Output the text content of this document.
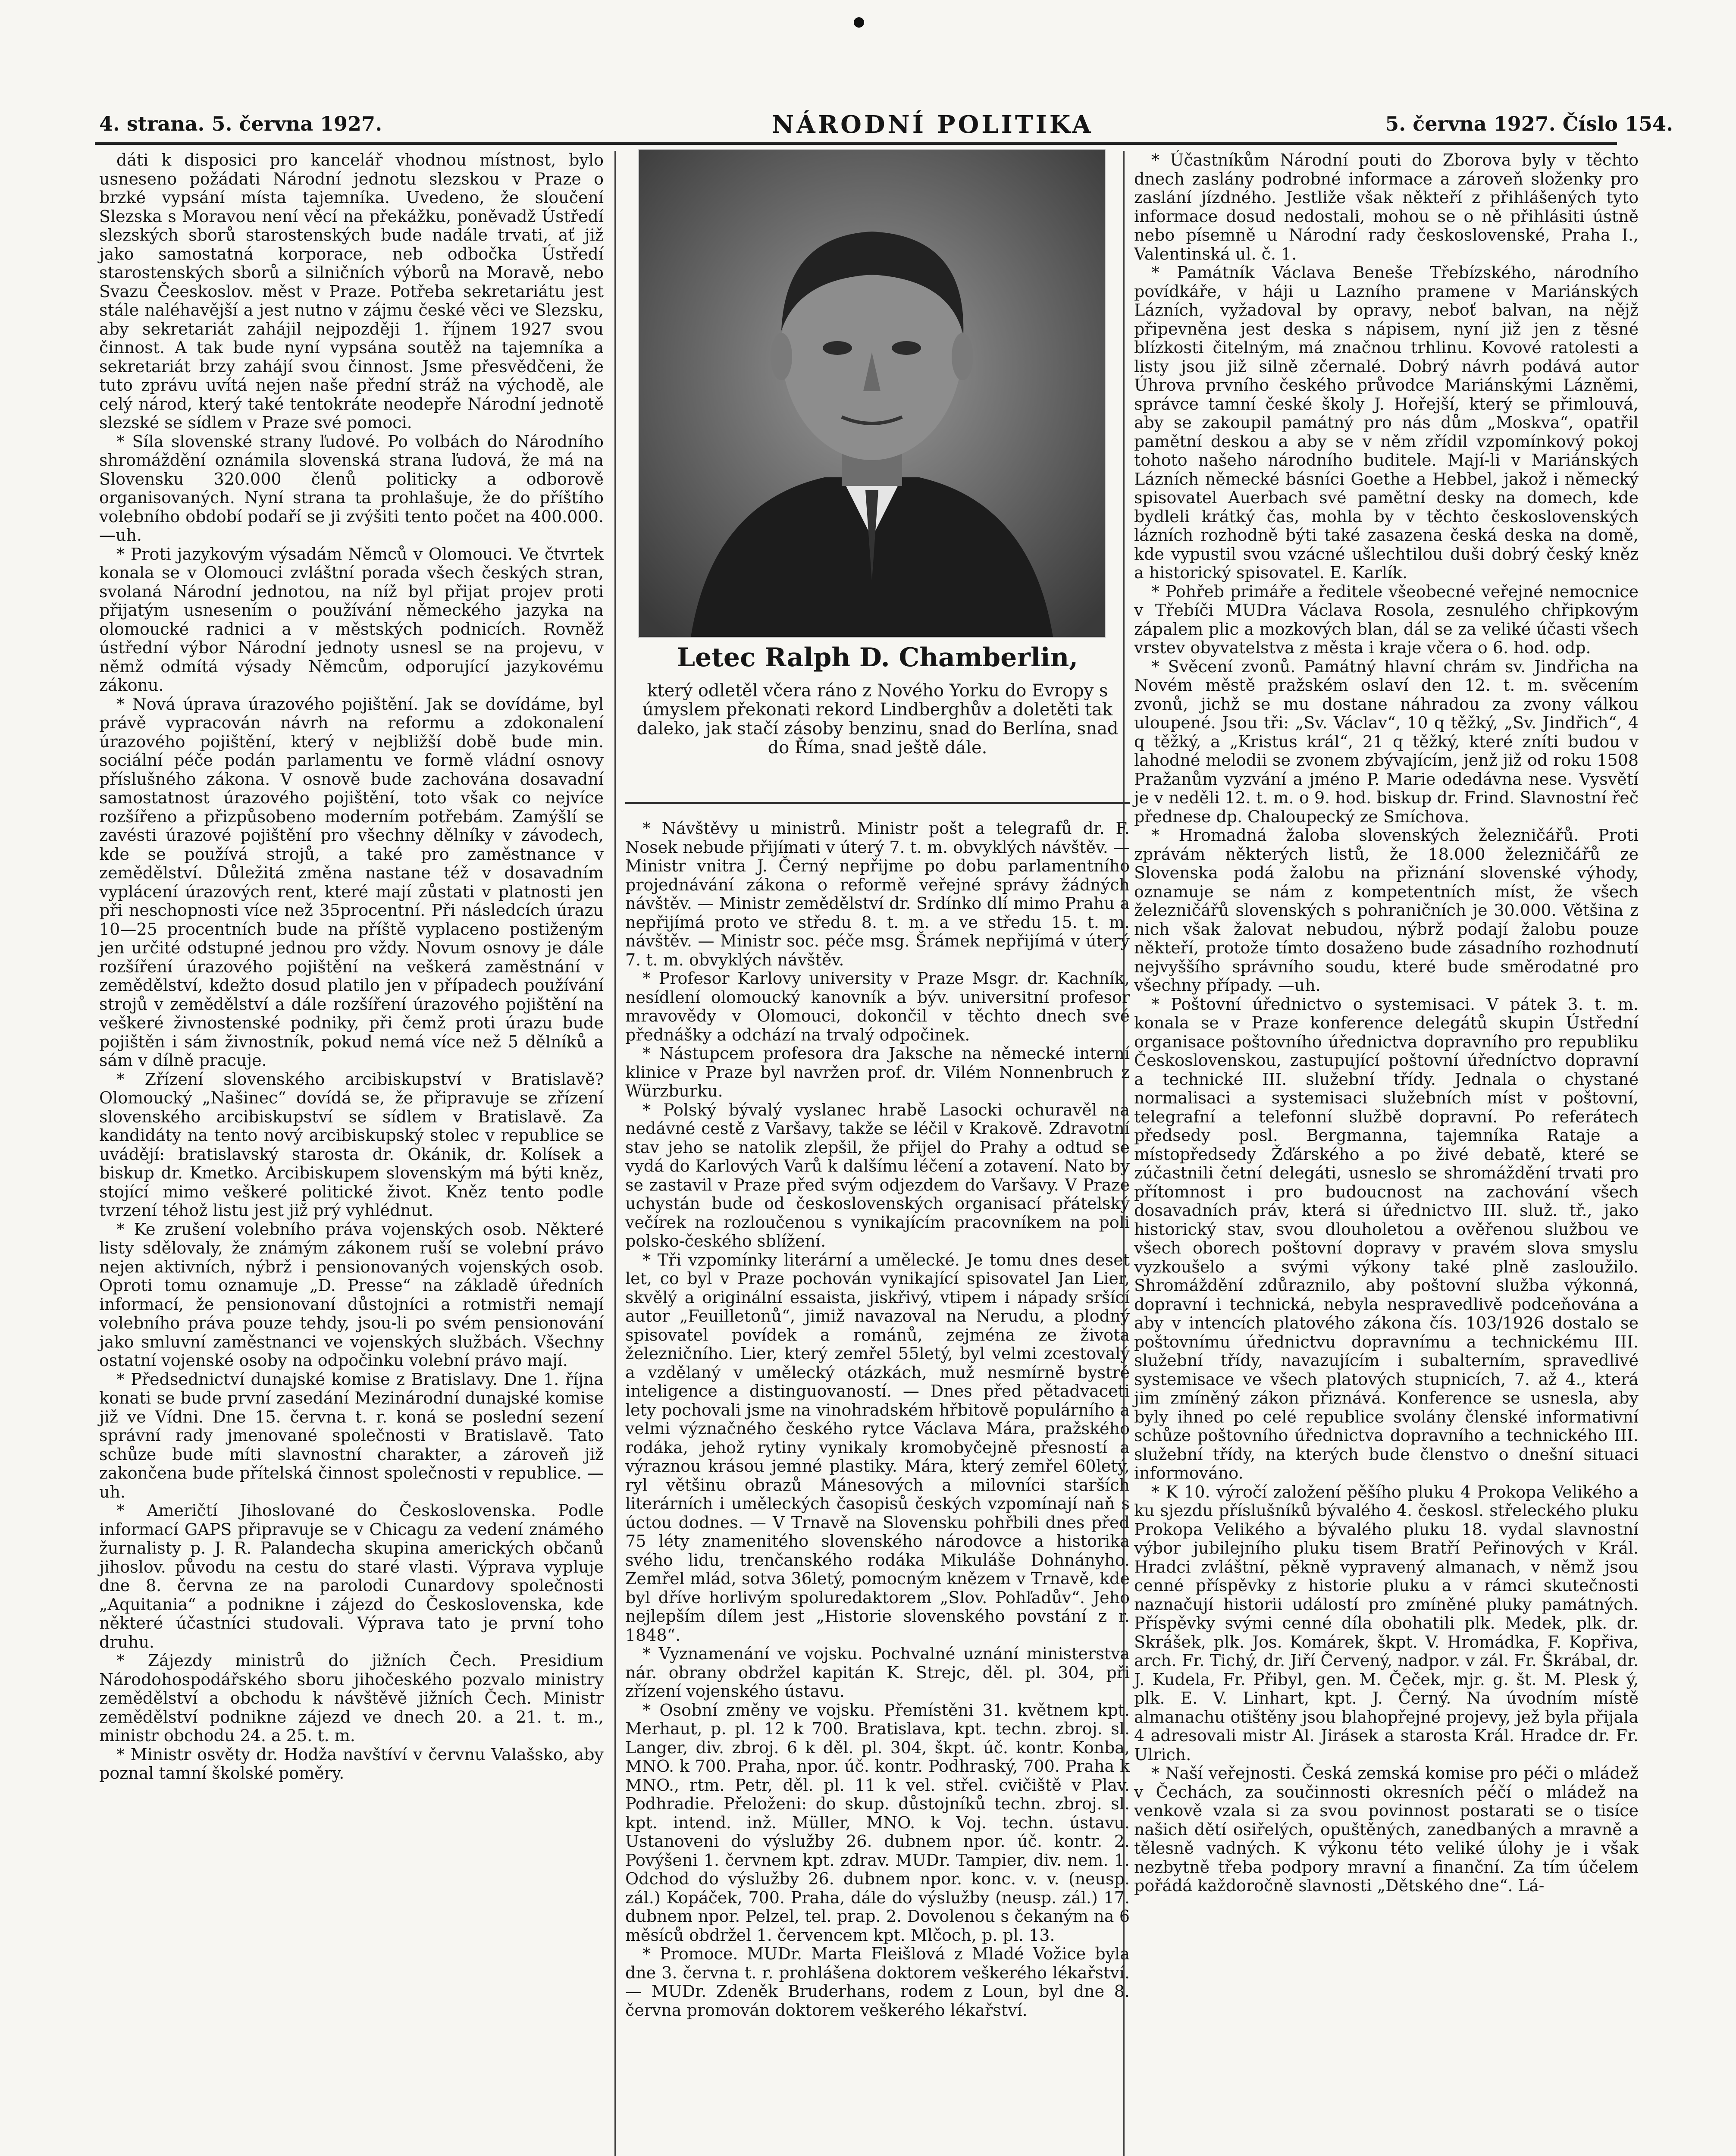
4. strana. 5. června 1927.	NÁRODNÍ POLITIKA	5. června 1927. Číslo 154.

dáti k disposici pro kancelář vhodnou místnost, bylo usneseno požádati Národní jednotu slezskou v Praze o brzké vypsání místa tajemníka. Uvedeno, že sloučení Slezska s Moravou není věcí na překážku, poněvadž Ústředí slezských sborů starostenských bude nadále trvati, ať již jako samostatná korporace, neb odbočka Ústředí starostenských sborů a silničních výborů na Moravě, nebo Svazu Čeeskoslov. měst v Praze. Potřeba sekretariátu jest stále naléhavější a jest nutno v zájmu české věci ve Slezsku, aby sekretariát zahájil nejpozději 1. říjnem 1927 svou činnost. A tak bude nyní vypsána soutěž na tajemníka a sekretariát brzy zahájí svou činnost. Jsme přesvědčeni, že tuto zprávu uvítá nejen naše přední stráž na východě, ale celý národ, který také tentokráte neodepře Národní jednotě slezské se sídlem v Praze své pomoci.

* Síla slovenské strany ľudové. Po volbách do Národního shromáždění oznámila slovenská strana ľudová, že má na Slovensku 320.000 členů politicky a odborově organisovaných. Nyní strana ta prohlašuje, že do příštího volebního období podaří se ji zvýšiti tento počet na 400.000. —uh.

* Proti jazykovým výsadám Němců v Olomouci. Ve čtvrtek konala se v Olomouci zvláštní porada všech českých stran, svolaná Národní jednotou, na níž byl přijat projev proti přijatým usnesením o používání německého jazyka na olomoucké radnici a v městských podnicích. Rovněž ústřední výbor Národní jednoty usnesl se na projevu, v němž odmítá výsady Němcům, odporující jazykovému zákonu.

* Nová úprava úrazového pojištění. Jak se dovídáme, byl právě vypracován návrh na reformu a zdokonalení úrazového pojištění, který v nejbližší době bude min. sociální péče podán parlamentu ve formě vládní osnovy příslušného zákona. V osnově bude zachována dosavadní samostatnost úrazového pojištění, toto však co nejvíce rozšířeno a přizpůsobeno moderním potřebám. Zamýšlí se zavésti úrazové pojištění pro všechny dělníky v závodech, kde se používá strojů, a také pro zaměstnance v zemědělství. Důležitá změna nastane též v dosavadním vyplácení úrazových rent, které mají zůstati v platnosti jen při neschopnosti více než 35procentní. Při následcích úrazu 10—25 procentních bude na příště vyplaceno postiženým jen určité odstupné jednou pro vždy. Novum osnovy je dále rozšíření úrazového pojištění na veškerá zaměstnání v zemědělství, kdežto dosud platilo jen v případech používání strojů v zemědělství a dále rozšíření úrazového pojištění na veškeré živnostenské podniky, při čemž proti úrazu bude pojištěn i sám živnostník, pokud nemá více než 5 dělníků a sám v dílně pracuje.

* Zřízení slovenského arcibiskupství v Bratislavě? Olomoucký „Našinec“ dovídá se, že připravuje se zřízení slovenského arcibiskupství se sídlem v Bratislavě. Za kandidáty na tento nový arcibiskupský stolec v republice se uvádějí: bratislavský starosta dr. Okánik, dr. Kolísek a biskup dr. Kmetko. Arcibiskupem slovenským má býti kněz, stojící mimo veškeré politické život. Kněz tento podle tvrzení téhož listu jest již prý vyhlédnut.

* Ke zrušení volebního práva vojenských osob. Některé listy sdělovaly, že známým zákonem ruší se volební právo nejen aktivních, nýbrž i pensionovaných vojenských osob. Oproti tomu oznamuje „D. Presse“ na základě úředních informací, že pensionovaní důstojníci a rotmistři nemají volebního práva pouze tehdy, jsou-li po svém pensionování jako smluvní zaměstnanci ve vojenských službách. Všechny ostatní vojenské osoby na odpočinku volební právo mají.

* Předsednictví dunajské komise z Bratislavy. Dne 1. října konati se bude první zasedání Mezinárodní dunajské komise již ve Vídni. Dne 15. června t. r. koná se poslední sezení správní rady jmenované společnosti v Bratislavě. Tato schůze bude míti slavnostní charakter, a zároveň již zakončena bude přítelská činnost společnosti v republice. —uh.

* Američtí Jihoslované do Československa. Podle informací GAPS připravuje se v Chicagu za vedení známého žurnalisty p. J. R. Palandecha skupina amerických občanů jihoslov. původu na cestu do staré vlasti. Výprava vypluje dne 8. června ze na parolodi Cunardovy společnosti „Aquitania“ a podnikne i zájezd do Československa, kde některé účastníci studovali. Výprava tato je první toho druhu.

* Zájezdy ministrů do jižních Čech. Presidium Národohospodářského sboru jihočeského pozvalo ministry zemědělství a obchodu k návštěvě jižních Čech. Ministr zemědělství podnikne zájezd ve dnech 20. a 21. t. m., ministr obchodu 24. a 25. t. m.

* Ministr osvěty dr. Hodža navštíví v červnu Valašsko, aby poznal tamní školské poměry.

Letec Ralph D. Chamberlin,
který odletěl včera ráno z Nového Yorku do Evropy s úmyslem překonati rekord Lindberghův a doletěti tak daleko, jak stačí zásoby benzinu, snad do Berlína, snad do Říma, snad ještě dále.

* Návštěvy u ministrů. Ministr pošt a telegrafů dr. F. Nosek nebude přijímati v úterý 7. t. m. obvyklých návštěv. — Ministr vnitra J. Černý nepřijme po dobu parlamentního projednávání zákona o reformě veřejné správy žádných návštěv. — Ministr zemědělství dr. Srdínko dlí mimo Prahu a nepřijímá proto ve středu 8. t. m. a ve středu 15. t. m. návštěv. — Ministr soc. péče msg. Šrámek nepřijímá v úterý 7. t. m. obvyklých návštěv.

* Profesor Karlovy university v Praze Msgr. dr. Kachník, nesídlení olomoucký kanovník a býv. universitní profesor mravovědy v Olomouci, dokončil v těchto dnech své přednášky a odchází na trvalý odpočinek.

* Nástupcem profesora dra Jaksche na německé interní klinice v Praze byl navržen prof. dr. Vilém Nonnenbruch z Würzburku.

* Polský bývalý vyslanec hrabě Lasocki ochuravěl na nedávné cestě z Varšavy, takže se léčil v Krakově. Zdravotní stav jeho se natolik zlepšil, že přijel do Prahy a odtud se vydá do Karlových Varů k dalšímu léčení a zotavení. Nato by se zastavil v Praze před svým odjezdem do Varšavy. V Praze uchystán bude od československých organisací přátelský večírek na rozloučenou s vynikajícím pracovníkem na poli polsko-českého sblížení.

* Tři vzpomínky literární a umělecké. Je tomu dnes deset let, co byl v Praze pochován vynikající spisovatel Jan Lier, skvělý a originální essaista, jiskřivý, vtipem i nápady sršící autor „Feuilletonů“, jimiž navazoval na Nerudu, a plodný spisovatel povídek a románů, zejména ze života železničního. Lier, který zemřel 55letý, byl velmi zcestovalý a vzdělaný v umělecký otázkách, muž nesmírně bystré inteligence a distinguovaností. — Dnes před pětadvaceti lety pochovali jsme na vinohradském hřbitově populárního a velmi význačného českého rytce Václava Mára, pražského rodáka, jehož rytiny vynikaly kromobyčejně přesností a výraznou krásou jemné plastiky. Mára, který zemřel 60letý, ryl většinu obrazů Mánesových a milovníci starších literárních i uměleckých časopisů českých vzpomínají naň s úctou dodnes. — V Trnavě na Slovensku pohřbili dnes před 75 léty znamenitého slovenského národovce a historika svého lidu, trenčanského rodáka Mikuláše Dohnányho. Zemřel mlád, sotva 36letý, pomocným knězem v Trnavě, kde byl dříve horlivým spoluredaktorem „Slov. Pohľadův“. Jeho nejlepším dílem jest „Historie slovenského povstání z r. 1848“.

* Vyznamenání ve vojsku. Pochvalné uznání ministerstva nár. obrany obdržel kapitán K. Strejc, děl. pl. 304, při zřízení vojenského ústavu.

* Osobní změny ve vojsku. Přemístěni 31. květnem kpt. Merhaut, p. pl. 12 k 700. Bratislava, kpt. techn. zbroj. sl. Langer, div. zbroj. 6 k děl. pl. 304, škpt. úč. kontr. Konba, MNO. k 700. Praha, npor. úč. kontr. Podhraský, 700. Praha k MNO., rtm. Petr, děl. pl. 11 k vel. střel. cvičiště v Plav. Podhradie. Přeloženi: do skup. důstojníků techn. zbroj. sl. kpt. intend. inž. Müller, MNO. k Voj. techn. ústavu. Ustanoveni do výslužby 26. dubnem npor. úč. kontr. 2. Povýšeni 1. červnem kpt. zdrav. MUDr. Tampier, div. nem. 1. Odchod do výslužby 26. dubnem npor. konc. v. v. (neusp. zál.) Kopáček, 700. Praha, dále do výslužby (neusp. zál.) 17. dubnem npor. Pelzel, tel. prap. 2. Dovolenou s čekaným na 6 měsíců obdržel 1. červencem kpt. Mlčoch, p. pl. 13.

* Promoce. MUDr. Marta Fleišlová z Mladé Vožice byla dne 3. června t. r. prohlášena doktorem veškerého lékařství. — MUDr. Zdeněk Bruderhans, rodem z Loun, byl dne 8. června promován doktorem veškerého lékařství.

* Účastníkům Národní pouti do Zborova byly v těchto dnech zaslány podrobné informace a zároveň složenky pro zaslání jízdného. Jestliže však někteří z přihlášených tyto informace dosud nedostali, mohou se o ně přihlásiti ústně nebo písemně u Národní rady československé, Praha I., Valentinská ul. č. 1.

* Památník Václava Beneše Třebízského, národního povídkáře, v háji u Lazního pramene v Mariánských Lázních, vyžadoval by opravy, neboť balvan, na nějž připevněna jest deska s nápisem, nyní již jen z těsné blízkosti čitelným, má značnou trhlinu. Kovové ratolesti a listy jsou již silně zčernalé. Dobrý návrh podává autor Úhrova prvního českého průvodce Mariánskými Lázněmi, správce tamní české školy J. Hořejší, který se přimlouvá, aby se zakoupil památný pro nás dům „Moskva“, opatřil pamětní deskou a aby se v něm zřídil vzpomínkový pokoj tohoto našeho národního buditele. Mají-li v Mariánských Lázních německé básníci Goethe a Hebbel, jakož i německý spisovatel Auerbach své pamětní desky na domech, kde bydleli krátký čas, mohla by v těchto československých lázních rozhodně býti také zasazena česká deska na domě, kde vypustil svou vzácné ušlechtilou duši dobrý český kněz a historický spisovatel. E. Karlík.

* Pohřeb primáře a ředitele všeobecné veřejné nemocnice v Třebíči MUDra Václava Rosola, zesnulého chřipkovým zápalem plic a mozkových blan, dál se za veliké účasti všech vrstev obyvatelstva z města i kraje včera o 6. hod. odp.

* Svěcení zvonů. Památný hlavní chrám sv. Jindřicha na Novém městě pražském oslaví den 12. t. m. svěcením zvonů, jichž se mu dostane náhradou za zvony válkou uloupené. Jsou tři: „Sv. Václav“, 10 q těžký, „Sv. Jindřich“, 4 q těžký, a „Kristus král“, 21 q těžký, které zníti budou v lahodné melodii se zvonem zbývajícím, jenž již od roku 1508 Pražanům vyzvání a jméno P. Marie odedávna nese. Vysvětí je v neděli 12. t. m. o 9. hod. biskup dr. Frind. Slavnostní řeč přednese dp. Chaloupecký ze Smíchova.

* Hromadná žaloba slovenských železničářů. Proti zprávám některých listů, že 18.000 železničářů ze Slovenska podá žalobu na přiznání slovenské výhody, oznamuje se nám z kompetentních míst, že všech železničářů slovenských s pohraničních je 30.000. Většina z nich však žalovat nebudou, nýbrž podají žalobu pouze někteří, protože tímto dosaženo bude zásadního rozhodnutí nejvyššího správního soudu, které bude směrodatné pro všechny případy. —uh.

* Poštovní úřednictvo o systemisaci. V pátek 3. t. m. konala se v Praze konference delegátů skupin Ústřední organisace poštovního úřednictva dopravního pro republiku Československou, zastupující poštovní úředníctvo dopravní a technické III. služební třídy. Jednala o chystané normalisaci a systemisaci služebních míst v poštovní, telegrafní a telefonní službě dopravní. Po referátech předsedy posl. Bergmanna, tajemníka Rataje a místopředsedy Žďárského a po živé debatě, které se zúčastnili četní delegáti, usneslo se shromáždění trvati pro přítomnost i pro budoucnost na zachování všech dosavadních práv, která si úřednictvo III. služ. tř., jako historický stav, svou dlouholetou a ověřenou službou ve všech oborech poštovní dopravy v pravém slova smyslu vyzkoušelo a svými výkony také plně zasloužilo. Shromáždění zdůraznilo, aby poštovní služba výkonná, dopravní i technická, nebyla nespravedlivě podceňována a aby v intencích platového zákona čís. 103/1926 dostalo se poštovnímu úřednictvu dopravnímu a technickému III. služební třídy, navazujícím i subalterním, spravedlivé systemisace ve všech platových stupnicích, 7. až 4., která jim zmíněný zákon přiznává. Konference se usnesla, aby byly ihned po celé republice svolány členské informativní schůze poštovního úřednictva dopravního a technického III. služební třídy, na kterých bude členstvo o dnešní situaci informováno.

* K 10. výročí založení pěšího pluku 4 Prokopa Velikého a ku sjezdu příslušníků bývalého 4. českosl. střeleckého pluku Prokopa Velikého a bývalého pluku 18. vydal slavnostní výbor jubilejního pluku tisem Bratří Peřinových v Král. Hradci zvláštní, pěkně vypravený almanach, v němž jsou cenné příspěvky z historie pluku a v rámci skutečnosti naznačují historii událostí pro zmíněné pluky památných. Příspěvky svými cenné díla obohatili plk. Medek, plk. dr. Skrášek, plk. Jos. Komárek, škpt. V. Hromádka, F. Kopřiva, arch. Fr. Tichý, dr. Jiří Červený, nadpor. v zál. Fr. Škrábal, dr. J. Kudela, Fr. Přibyl, gen. M. Čeček, mjr. g. št. M. Plesk ý, plk. E. V. Linhart, kpt. J. Černý. Na úvodním místě almanachu otištěny jsou blahopřejné projevy, jež byla přijala 4 adresovali mistr Al. Jirásek a starosta Král. Hradce dr. Fr. Ulrich.

* Naší veřejnosti. Česká zemská komise pro péči o mládež v Čechách, za součinnosti okresních péčí o mládež na venkově vzala si za svou povinnost postarati se o tisíce našich dětí osiřelých, opuštěných, zanedbaných a mravně a tělesně vadných. K výkonu této veliké úlohy je i však nezbytně třeba podpory mravní a finanční. Za tím účelem pořádá každoročně slavnosti „Dětského dne“. Lá-
